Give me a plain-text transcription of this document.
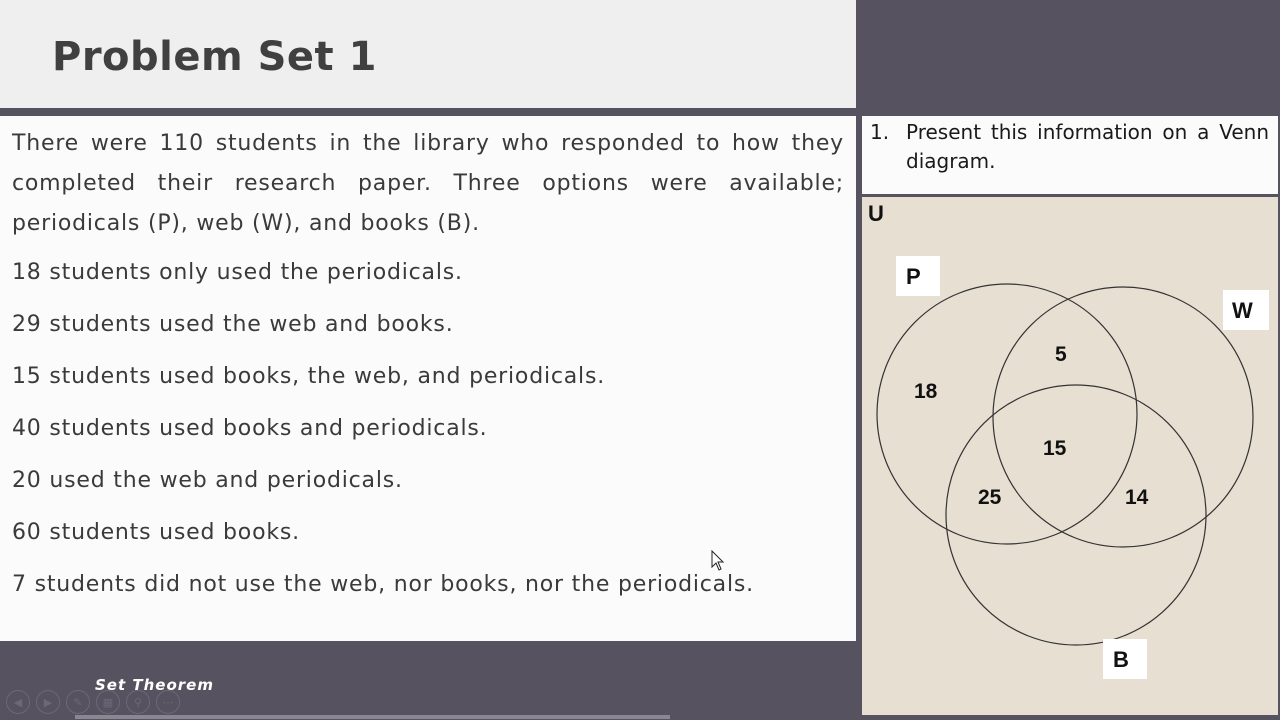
Problem Set 1

There were 110 students in the library who responded to how they completed their research paper. Three options were available; periodicals (P), web (W), and books (B).

18 students only used the periodicals.

29 students used the web and books.

15 students used books, the web, and periodicals.

40 students used books and periodicals.

20 used the web and periodicals.

60 students used books.

7 students did not use the web, nor books, nor the periodicals.

Set Theorem
◀	▶	✎	▦	⚲	⋯
1. Present this information on a Venn diagram.
U
P
W
B
18
5
15
25	14
